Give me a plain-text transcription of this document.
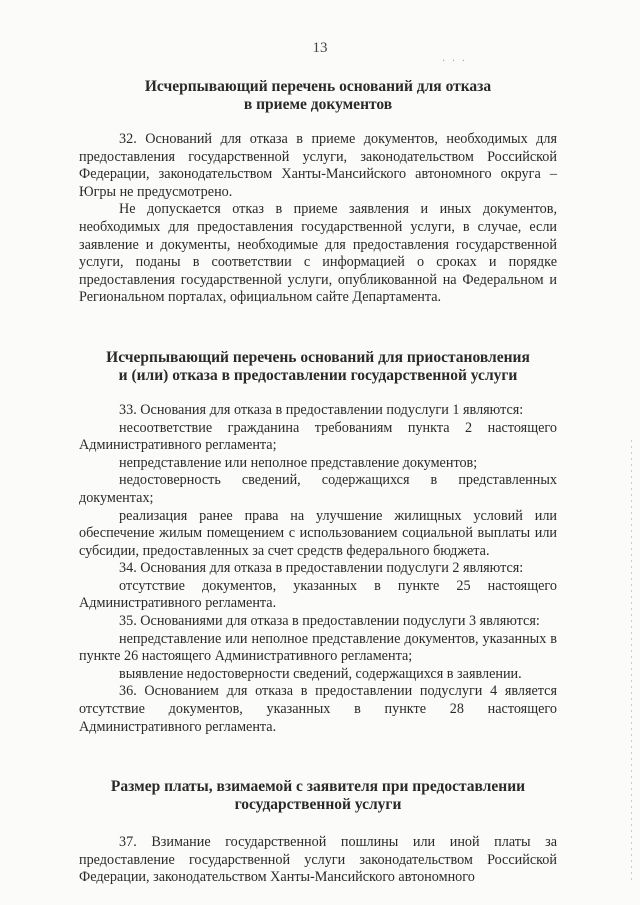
13
· · ·

Исчерпывающий перечень оснований для отказа
в приеме документов

32. Оснований для отказа в приеме документов, необходимых для предоставления государственной услуги, законодательством Российской Федерации, законодательством Ханты-Мансийского автономного округа – Югры не предусмотрено.

Не допускается отказ в приеме заявления и иных документов, необходимых для предоставления государственной услуги, в случае, если заявление и документы, необходимые для предоставления государственной услуги, поданы в соответствии с информацией о сроках и порядке предоставления государственной услуги, опубликованной на Федеральном и Региональном порталах, официальном сайте Департамента.

Исчерпывающий перечень оснований для приостановления
и (или) отказа в предоставлении государственной услуги

33. Основания для отказа в предоставлении подуслуги 1 являются:

несоответствие гражданина требованиям пункта 2 настоящего Административного регламента;

непредставление или неполное представление документов;

недостоверность сведений, содержащихся в представленных документах;

реализация ранее права на улучшение жилищных условий или обеспечение жилым помещением с использованием социальной выплаты или субсидии, предоставленных за счет средств федерального бюджета.

34. Основания для отказа в предоставлении подуслуги 2 являются:

отсутствие документов, указанных в пункте 25 настоящего Административного регламента.

35. Основаниями для отказа в предоставлении подуслуги 3 являются:

непредставление или неполное представление документов, указанных в пункте 26 настоящего Административного регламента;

выявление недостоверности сведений, содержащихся в заявлении.

36. Основанием для отказа в предоставлении подуслуги 4 является отсутствие документов, указанных в пункте 28 настоящего Административного регламента.

Размер платы, взимаемой с заявителя при предоставлении
государственной услуги

37. Взимание государственной пошлины или иной платы за предоставление государственной услуги законодательством Российской Федерации, законодательством Ханты-Мансийского автономного
